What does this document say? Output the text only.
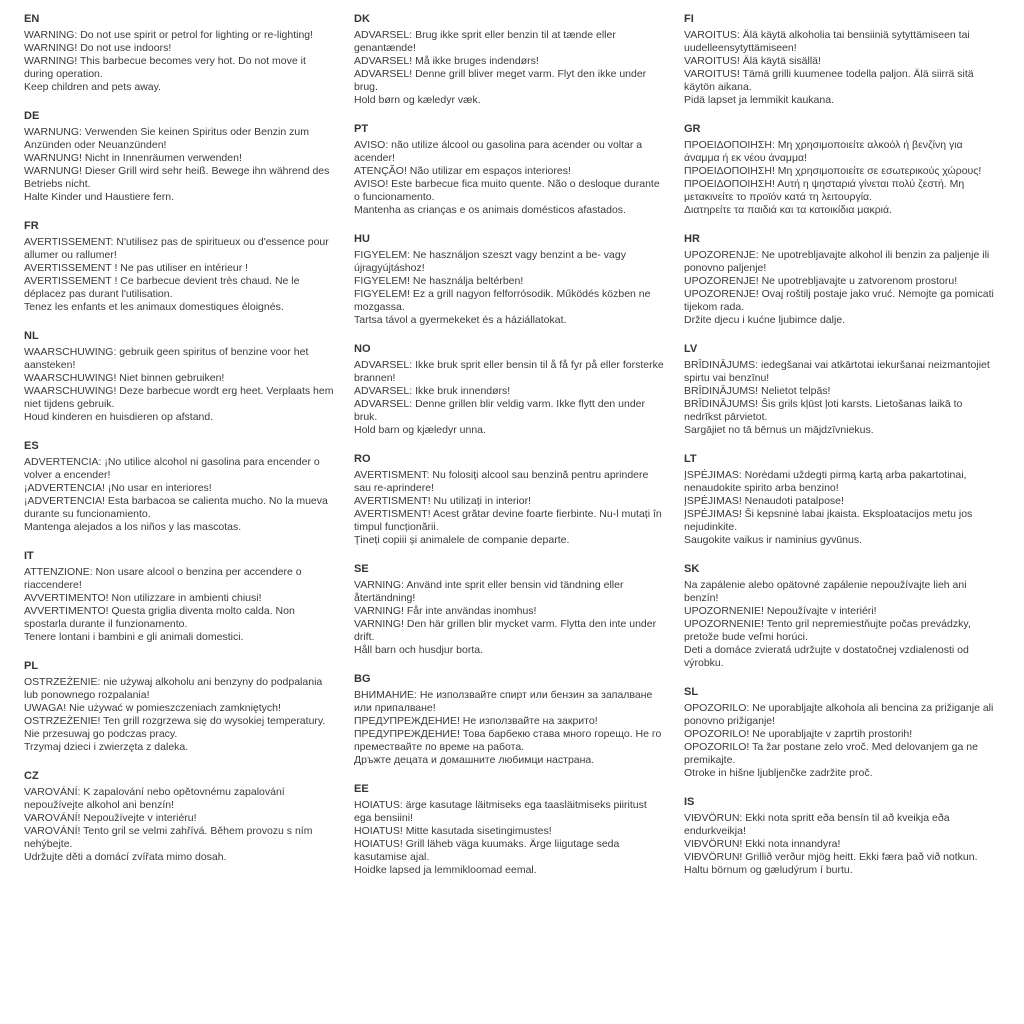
EN

WARNING: Do not use spirit or petrol for lighting or re-lighting!

WARNING! Do not use indoors!

WARNING! This barbecue becomes very hot. Do not move it during operation.

Keep children and pets away.

DE

WARNUNG: Verwenden Sie keinen Spiritus oder Benzin zum Anzünden oder Neuanzünden!

WARNUNG! Nicht in Innenräumen verwenden!

WARNUNG! Dieser Grill wird sehr heiß. Bewege ihn während des Betriebs nicht.

Halte Kinder und Haustiere fern.

FR

AVERTISSEMENT: N'utilisez pas de spiritueux ou d'essence pour allumer ou rallumer!

AVERTISSEMENT ! Ne pas utiliser en intérieur !

AVERTISSEMENT ! Ce barbecue devient très chaud. Ne le déplacez pas durant l'utilisation.

Tenez les enfants et les animaux domestiques éloignés.

NL

WAARSCHUWING: gebruik geen spiritus of benzine voor het aansteken!

WAARSCHUWING! Niet binnen gebruiken!

WAARSCHUWING! Deze barbecue wordt erg heet. Verplaats hem niet tijdens gebruik.

Houd kinderen en huisdieren op afstand.

ES

ADVERTENCIA: ¡No utilice alcohol ni gasolina para encender o volver a encender!

¡ADVERTENCIA! ¡No usar en interiores!

¡ADVERTENCIA! Esta barbacoa se calienta mucho. No la mueva durante su funcionamiento.

Mantenga alejados a los niños y las mascotas.

IT

ATTENZIONE: Non usare alcool o benzina per accendere o riaccendere!

AVVERTIMENTO! Non utilizzare in ambienti chiusi!

AVVERTIMENTO! Questa griglia diventa molto calda. Non spostarla durante il funzionamento.

Tenere lontani i bambini e gli animali domestici.

PL

OSTRZEŻENIE: nie używaj alkoholu ani benzyny do podpalania lub ponownego rozpalania!

UWAGA! Nie używać w pomieszczeniach zamkniętych!

OSTRZEŻENIE! Ten grill rozgrzewa się do wysokiej temperatury. Nie przesuwaj go podczas pracy.

Trzymaj dzieci i zwierzęta z daleka.

CZ

VAROVÁNÍ: K zapalování nebo opětovnému zapalování nepoužívejte alkohol ani benzín!

VAROVÁNÍ! Nepoužívejte v interiéru!

VAROVÁNÍ! Tento gril se velmi zahřívá. Během provozu s ním nehýbejte.

Udržujte děti a domácí zvířata mimo dosah.

DK

ADVARSEL: Brug ikke sprit eller benzin til at tænde eller genantænde!

ADVARSEL! Må ikke bruges indendørs!

ADVARSEL! Denne grill bliver meget varm. Flyt den ikke under brug.

Hold børn og kæledyr væk.

PT

AVISO: não utilize álcool ou gasolina para acender ou voltar a acender!

ATENÇÃO! Não utilizar em espaços interiores!

AVISO! Este barbecue fica muito quente. Não o desloque durante o funcionamento.

Mantenha as crianças e os animais domésticos afastados.

HU

FIGYELEM: Ne használjon szeszt vagy benzint a be- vagy újragyújtáshoz!

FIGYELEM! Ne használja beltérben!

FIGYELEM! Ez a grill nagyon felforrósodik. Működés közben ne mozgassa.

Tartsa távol a gyermekeket és a háziállatokat.

NO

ADVARSEL: Ikke bruk sprit eller bensin til å få fyr på eller forsterke brannen!

ADVARSEL: Ikke bruk innendørs!

ADVARSEL: Denne grillen blir veldig varm. Ikke flytt den under bruk.

Hold barn og kjæledyr unna.

RO

AVERTISMENT: Nu folosiți alcool sau benzină pentru aprindere sau re-aprindere!

AVERTISMENT! Nu utilizați in interior!

AVERTISMENT! Acest grătar devine foarte fierbinte. Nu-l mutați în timpul funcționării.

Țineți copiii și animalele de companie departe.

SE

VARNING: Använd inte sprit eller bensin vid tändning eller återtändning!

VARNING! Får inte användas inomhus!

VARNING! Den här grillen blir mycket varm. Flytta den inte under drift.

Håll barn och husdjur borta.

BG

ВНИМАНИЕ: Не използвайте спирт или бензин за запалване или припалване!

ПРЕДУПРЕЖДЕНИЕ! Не използвайте на закрито!

ПРЕДУПРЕЖДЕНИЕ! Това барбекю става много горещо. Не го премествайте по време на работа.

Дръжте децата и домашните любимци настрана.

EE

HOIATUS: ärge kasutage läitmiseks ega taasläitmiseks piiritust ega bensiini!

HOIATUS! Mitte kasutada sisetingimustes!

HOIATUS! Grill läheb väga kuumaks. Ärge liigutage seda kasutamise ajal.

Hoidke lapsed ja lemmikloomad eemal.

FI

VAROITUS: Älä käytä alkoholia tai bensiiniä sytyttämiseen tai uudelleensytyttämiseen!

VAROITUS! Älä käytä sisällä!

VAROITUS! Tämä grilli kuumenee todella paljon. Älä siirrä sitä käytön aikana.

Pidä lapset ja lemmikit kaukana.

GR

ΠΡΟΕΙΔΟΠΟΙΗΣΗ: Μη χρησιμοποιείτε αλκοόλ ή βενζίνη για άναμμα ή εκ νέου άναμμα!

ΠΡΟΕΙΔΟΠΟΙΗΣΗ! Μη χρησιμοποιείτε σε εσωτερικούς χώρους!

ΠΡΟΕΙΔΟΠΟΙΗΣΗ! Αυτή η ψησταριά γίνεται πολύ ζεστή. Μη μετακινείτε το προϊόν κατά τη λειτουργία.

Διατηρείτε τα παιδιά και τα κατοικίδια μακριά.

HR

UPOZORENJE: Ne upotrebljavajte alkohol ili benzin za paljenje ili ponovno paljenje!

UPOZORENJE! Ne upotrebljavajte u zatvorenom prostoru!

UPOZORENJE! Ovaj roštilj postaje jako vruć. Nemojte ga pomicati tijekom rada.

Držite djecu i kućne ljubimce dalje.

LV

BRĪDINĀJUMS: iedegšanai vai atkārtotai iekuršanai neizmantojiet spirtu vai benzīnu!

BRĪDINĀJUMS! Nelietot telpās!

BRĪDINĀJUMS! Šis grils kļūst ļoti karsts. Lietošanas laikā to nedrīkst pārvietot.

Sargājiet no tā bērnus un mājdzīvniekus.

LT

ĮSPĖJIMAS: Norėdami uždegti pirmą kartą arba pakartotinai, nenaudokite spirito arba benzino!

ĮSPĖJIMAS! Nenaudoti patalpose!

ĮSPĖJIMAS! Ši kepsninė labai įkaista. Eksploatacijos metu jos nejudinkite.

Saugokite vaikus ir naminius gyvūnus.

SK

Na zapálenie alebo opätovné zapálenie nepoužívajte lieh ani benzín!

UPOZORNENIE! Nepoužívajte v interiéri!

UPOZORNENIE! Tento gril nepremiestňujte počas prevádzky, pretože bude veľmi horúci.

Deti a domáce zvieratá udržujte v dostatočnej vzdialenosti od výrobku.

SL

OPOZORILO: Ne uporabljajte alkohola ali bencina za prižiganje ali ponovno prižiganje!

OPOZORILO! Ne uporabljajte v zaprtih prostorih!

OPOZORILO! Ta žar postane zelo vroč. Med delovanjem ga ne premikajte.

Otroke in hišne ljubljenčke zadržite proč.

IS

VIÐVÖRUN: Ekki nota spritt eða bensín til að kveikja eða endurkveikja!

VIÐVÖRUN! Ekki nota innandyra!

VIÐVÖRUN! Grillið verður mjög heitt. Ekki færa það við notkun.

Haltu börnum og gæludýrum í burtu.
